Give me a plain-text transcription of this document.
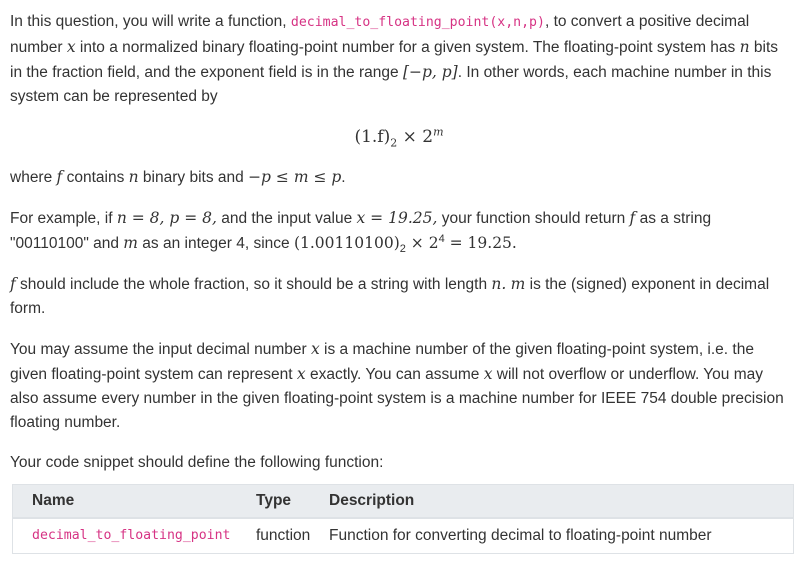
In this question, you will write a function, decimal_to_floating_point(x,n,p), to convert a positive decimal number x into a normalized binary floating-point number for a given system. The floating-point system has n bits in the fraction field, and the exponent field is in the range [−p, p]. In other words, each machine number in this system can be represented by

$(1.f)_2 \times 2^m$

where f contains n binary bits and −p ≤ m ≤ p.

For example, if n = 8, p = 8, and the input value x = 19.25, your function should return f as a string "00110100" and m as an integer 4, since $(1.00110100)_2 \times 2^4 = 19.25$.

f should include the whole fraction, so it should be a string with length n. m is the (signed) exponent in decimal form.

You may assume the input decimal number x is a machine number of the given floating-point system, i.e. the given floating-point system can represent x exactly. You can assume x will not overflow or underflow. You may also assume every number in the given floating-point system is a machine number for IEEE 754 double precision floating number.

Your code snippet should define the following function:

Name	Type	Description
decimal_to_floating_point	function	Function for converting decimal to floating-point number
